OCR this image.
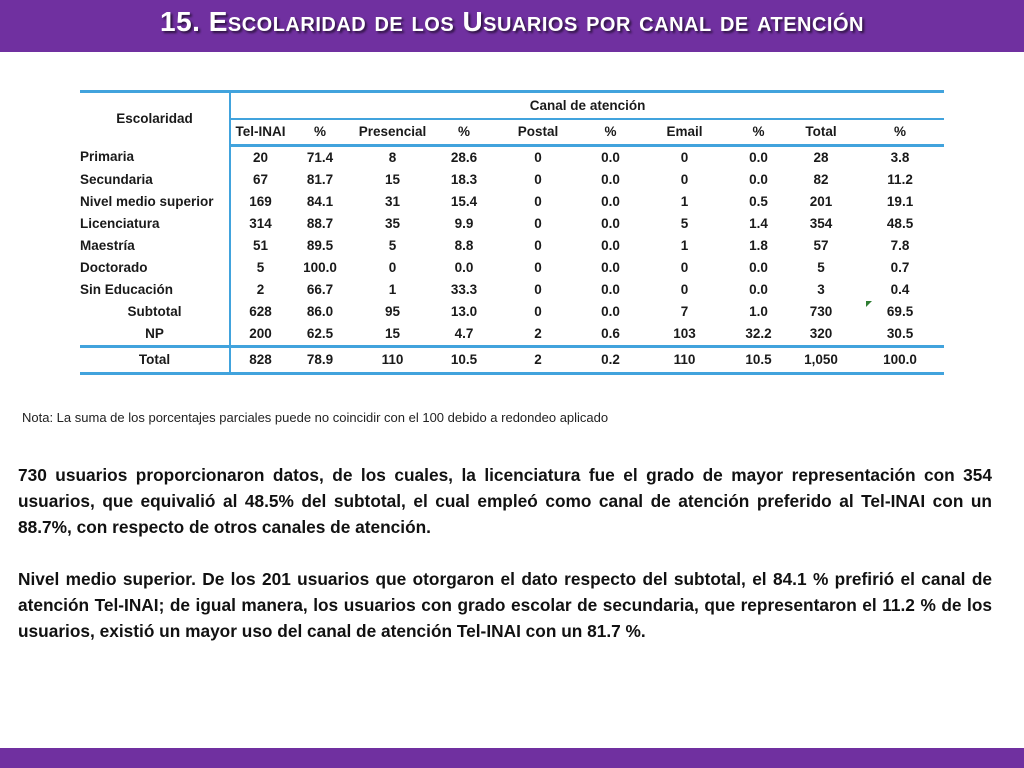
15. Escolaridad de los Usuarios por canal de atención
Escolaridad	Canal de atención									
	Tel-INAI	%	Presencial	%	Postal	%	Email	%	Total	%
Primaria	20	71.4	8	28.6	0	0.0	0	0.0	28	3.8
Secundaria	67	81.7	15	18.3	0	0.0	0	0.0	82	11.2
Nivel medio superior	169	84.1	31	15.4	0	0.0	1	0.5	201	19.1
Licenciatura	314	88.7	35	9.9	0	0.0	5	1.4	354	48.5
Maestría	51	89.5	5	8.8	0	0.0	1	1.8	57	7.8
Doctorado	5	100.0	0	0.0	0	0.0	0	0.0	5	0.7
Sin Educación	2	66.7	1	33.3	0	0.0	0	0.0	3	0.4
Subtotal	628	86.0	95	13.0	0	0.0	7	1.0	730	69.5
NP	200	62.5	15	4.7	2	0.6	103	32.2	320	30.5
Total	828	78.9	110	10.5	2	0.2	110	10.5	1,050	100.0
Nota: La suma de los porcentajes parciales puede no coincidir con el 100 debido a redondeo aplicado

730 usuarios proporcionaron datos, de los cuales, la licenciatura fue el grado de mayor representación con 354 usuarios, que equivalió al 48.5% del subtotal, el cual empleó como canal de atención preferido al Tel-INAI con un 88.7%, con respecto de otros canales de atención.

Nivel medio superior. De los 201 usuarios que otorgaron el dato respecto del subtotal, el 84.1 % prefirió el canal de atención Tel-INAI; de igual manera, los usuarios con grado escolar de secundaria, que representaron el 11.2 % de los usuarios, existió un mayor uso del canal de atención Tel-INAI con un 81.7 %.
